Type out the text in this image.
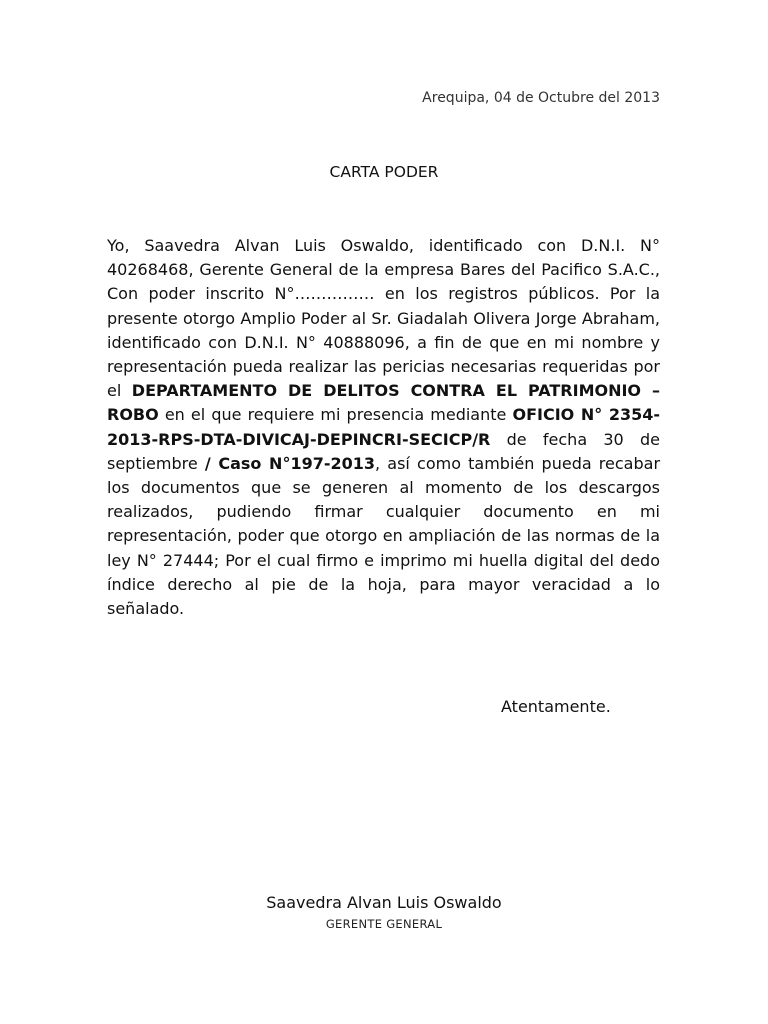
Arequipa, 04 de Octubre del 2013
CARTA PODER

Yo, Saavedra Alvan Luis Oswaldo, identificado con D.N.I. N° 40268468, Gerente General de la empresa Bares del Pacifico S.A.C., Con poder inscrito N°…………… en los registros públicos. Por la presente otorgo Amplio Poder al Sr. Giadalah Olivera Jorge Abraham, identificado con D.N.I. N° 40888096, a fin de que en mi nombre y representación pueda realizar las pericias necesarias requeridas por el DEPARTAMENTO DE DELITOS CONTRA EL PATRIMONIO – ROBO en el que requiere mi presencia mediante OFICIO N° 2354-2013-RPS-DTA-DIVICAJ-DEPINCRI-SECICP/R de fecha 30 de septiembre / Caso N°197-2013, así como también pueda recabar los documentos que se generen al momento de los descargos realizados, pudiendo firmar cualquier documento en mi representación, poder que otorgo en ampliación de las normas de la ley N° 27444; Por el cual firmo e imprimo mi huella digital del dedo índice derecho al pie de la hoja, para mayor veracidad a lo señalado.

Atentamente.
Saavedra Alvan Luis Oswaldo
GERENTE GENERAL
